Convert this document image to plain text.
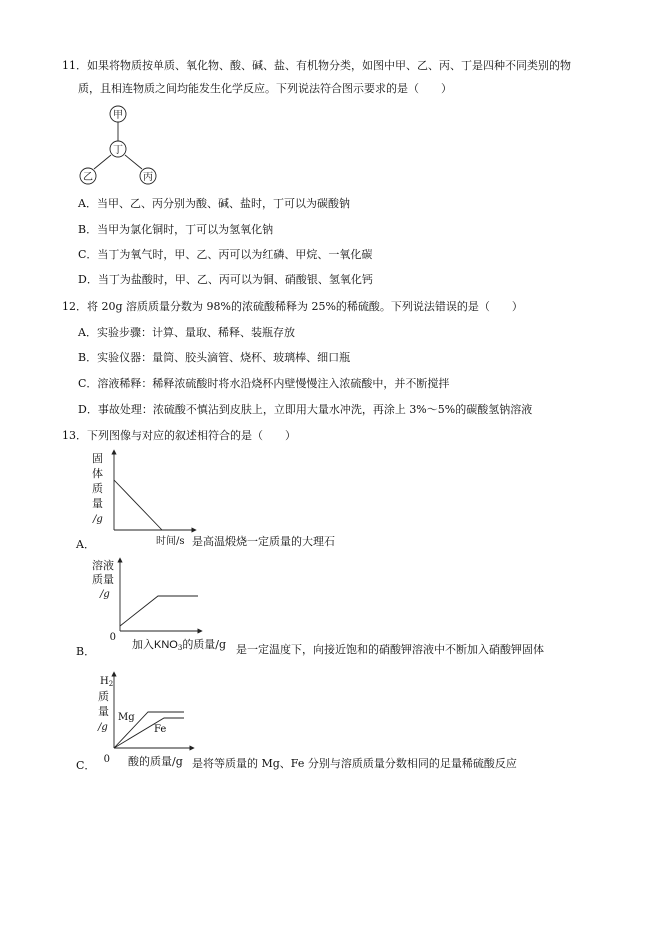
11．如果将物质按单质、氧化物、酸、碱、盐、有机物分类，如图中甲、乙、丙、丁是四种不同类别的物
质，且相连物质之间均能发生化学反应。下列说法符合图示要求的是（　　）
甲
丁
乙	丙
A．当甲、乙、丙分别为酸、碱、盐时，丁可以为碳酸钠
B．当甲为氯化铜时，丁可以为氢氧化钠
C．当丁为氧气时，甲、乙、丙可以为红磷、甲烷、一氧化碳
D．当丁为盐酸时，甲、乙、丙可以为铜、硝酸银、氢氧化钙
12．将 20g 溶质质量分数为 98%的浓硫酸稀释为 25%的稀硫酸。下列说法错误的是（　　）
A．实验步骤：计算、量取、稀释、装瓶存放
B．实验仪器：量筒、胶头滴管、烧杯、玻璃棒、细口瓶
C．溶液稀释：稀释浓硫酸时将水沿烧杯内壁慢慢注入浓硫酸中，并不断搅拌
D．事故处理：浓硫酸不慎沾到皮肤上，立即用大量水冲洗，再涂上 3%～5%的碳酸氢钠溶液
13．下列图像与对应的叙述相符合的是（　　）
固
体
质
量
/g
时间/s
A．	是高温煅烧一定质量的大理石
溶液
质量
/g
0
加入KNO3的质量/g
B．	是一定温度下，向接近饱和的硝酸钾溶液中不断加入硝酸钾固体
$H_2$
质
量
/g
Mg
Fe
0 酸的质量/g
C．	是将等质量的 Mg、Fe 分别与溶质质量分数相同的足量稀硫酸反应
